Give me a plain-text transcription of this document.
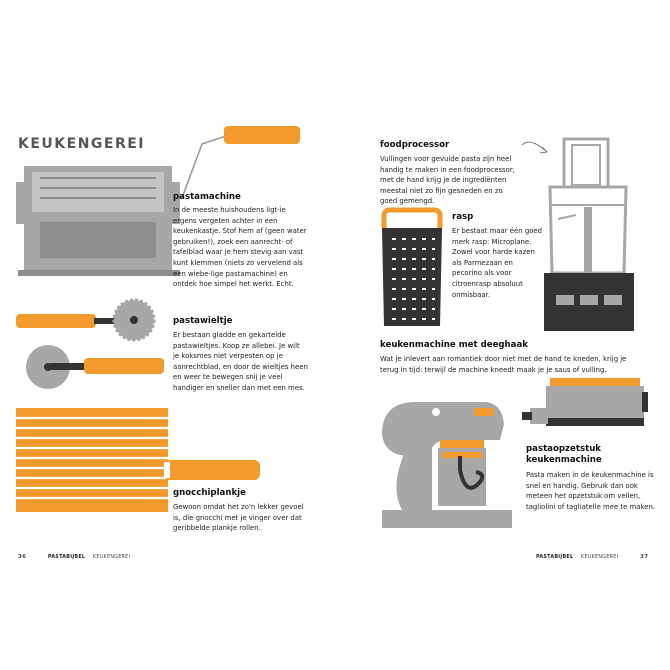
KEUKENGEREI
pastamachine
In de meeste huishoudens ligt-ie ergens vergeten achter in een keukenkastje. Stof hem af (geen water gebruiken!), zoek een aanrecht- of tafelblad waar je hem stevig aan vast kunt klemmen (niets zo vervelend als een wiebe-lige pastamachine) en ontdek hoe simpel het werkt. Echt.
pastawieltje
Er bestaan gladde en gekartelde pastawieltjes. Koop ze allebei. Je wilt je koksmes niet verpesten op je aanrechtblad, en door de wieltjes heen en weer te bewegen snij je veel handiger en sneller dan met een mes.
gnocchiplankje
Gewoon omdat het zo'n lekker gevoel is, die gnocchi met je vinger over dat geribbelde plankje rollen.
36	PASTABIJBEL KEUKENGEREI
foodprocessor
Vullingen voor gevulde pasta zijn heel handig te maken in een foodprocessor; met de hand krijg je de ingrediënten meestal niet zo fijn gesneden en zo goed gemengd.
rasp
Er bestaat maar één goed merk rasp: Microplane. Zowel voor harde kazen als Parmezaan en pecorino als voor citroenrasp absoluut onmisbaar.
keukenmachine met deeghaak
Wat je inlevert aan romantiek door niet met de hand te kneden, krijg je terug in tijd: terwijl de machine kneedt maak je je saus of vulling.
pastaopzetstuk
keukenmachine
Pasta maken in de keukenmachine is snel en handig. Gebruik dan ook meteen het opzetstuk om vellen, tagliolini of tagliatelle mee te maken.
PASTABIJBEL KEUKENGEREI	37
